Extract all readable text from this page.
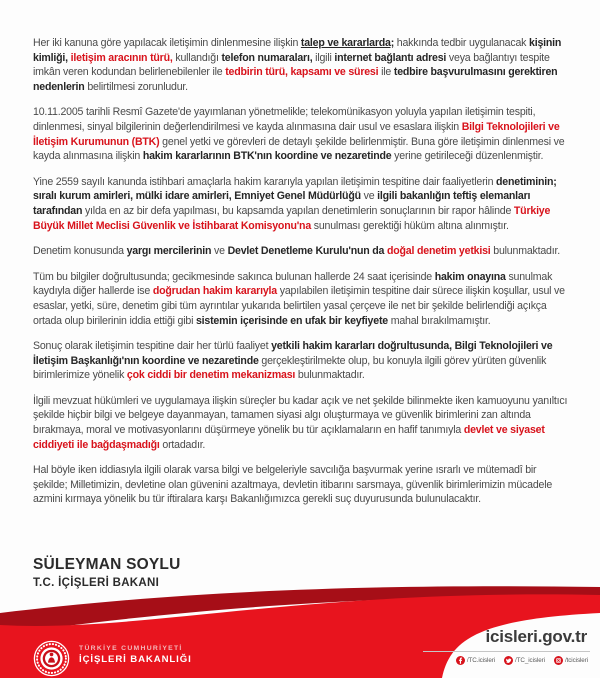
Her iki kanuna göre yapılacak iletişimin dinlenmesine ilişkin talep ve kararlarda; hakkında tedbir uygulanacak kişinin kimliği, iletişim aracının türü, kullandığı telefon numaraları, ilgili internet bağlantı adresi veya bağlantıyı tespite imkân veren kodundan belirlenebilenler ile tedbirin türü, kapsamı ve süresi ile tedbire başvurulmasını gerektiren nedenlerin belirtilmesi zorunludur.

10.11.2005 tarihli Resmî Gazete'de yayımlanan yönetmelikle; telekomünikasyon yoluyla yapılan iletişimin tespiti, dinlenmesi, sinyal bilgilerinin değerlendirilmesi ve kayda alınmasına dair usul ve esaslara ilişkin Bilgi Teknolojileri ve İletişim Kurumunun (BTK) genel yetki ve görevleri de detaylı şekilde belirlenmiştir. Buna göre iletişimin dinlenmesi ve kayda alınmasına ilişkin hakim kararlarının BTK'nın koordine ve nezaretinde yerine getirileceği düzenlenmiştir.

Yine 2559 sayılı kanunda istihbari amaçlarla hakim kararıyla yapılan iletişimin tespitine dair faaliyetlerin denetiminin; sıralı kurum amirleri, mülki idare amirleri, Emniyet Genel Müdürlüğü ve ilgili bakanlığın teftiş elemanları tarafından yılda en az bir defa yapılması, bu kapsamda yapılan denetimlerin sonuçlarının bir rapor hâlinde Türkiye Büyük Millet Meclisi Güvenlik ve İstihbarat Komisyonu'na sunulması gerektiği hüküm altına alınmıştır.

Denetim konusunda yargı mercilerinin ve Devlet Denetleme Kurulu'nun da doğal denetim yetkisi bulunmaktadır.

Tüm bu bilgiler doğrultusunda; gecikmesinde sakınca bulunan hallerde 24 saat içerisinde hakim onayına sunulmak kaydıyla diğer hallerde ise doğrudan hakim kararıyla yapılabilen iletişimin tespitine dair sürece ilişkin koşullar, usul ve esaslar, yetki, süre, denetim gibi tüm ayrıntılar yukarıda belirtilen yasal çerçeve ile net bir şekilde belirlendiği açıkça ortada olup birilerinin iddia ettiği gibi sistemin içerisinde en ufak bir keyfiyete mahal bırakılmamıştır.

Sonuç olarak iletişimin tespitine dair her türlü faaliyet yetkili hakim kararları doğrultusunda, Bilgi Teknolojileri ve İletişim Başkanlığı'nın koordine ve nezaretinde gerçekleştirilmekte olup, bu konuyla ilgili görev yürüten güvenlik birimlerimize yönelik çok ciddi bir denetim mekanizması bulunmaktadır.

İlgili mevzuat hükümleri ve uygulamaya ilişkin süreçler bu kadar açık ve net şekilde bilinmekte iken kamuoyunu yanıltıcı şekilde hiçbir bilgi ve belgeye dayanmayan, tamamen siyasi algı oluşturmaya ve güvenlik birimlerini zan altında bırakmaya, moral ve motivasyonlarını düşürmeye yönelik bu tür açıklamaların en hafif tanımıyla devlet ve siyaset ciddiyeti ile bağdaşmadığı ortadadır.

Hal böyle iken iddiasıyla ilgili olarak varsa bilgi ve belgeleriyle savcılığa başvurmak yerine ısrarlı ve mütemadî bir şekilde; Milletimizin, devletine olan güvenini azaltmaya, devletin itibarını sarsmaya, güvenlik birimlerimizin mücadele azmini kırmaya yönelik bu tür iftiralara karşı Bakanlığımızca gerekli suç duyurusunda bulunulacaktır.

SÜLEYMAN SOYLU

T.C. İÇİŞLERİ BAKANI

TÜRKİYE CUMHURİYETİ

İÇİŞLERİ BAKANLIĞI

icisleri.gov.tr

/TC.icisleri	/TC_icisleri	/tcicisleri
